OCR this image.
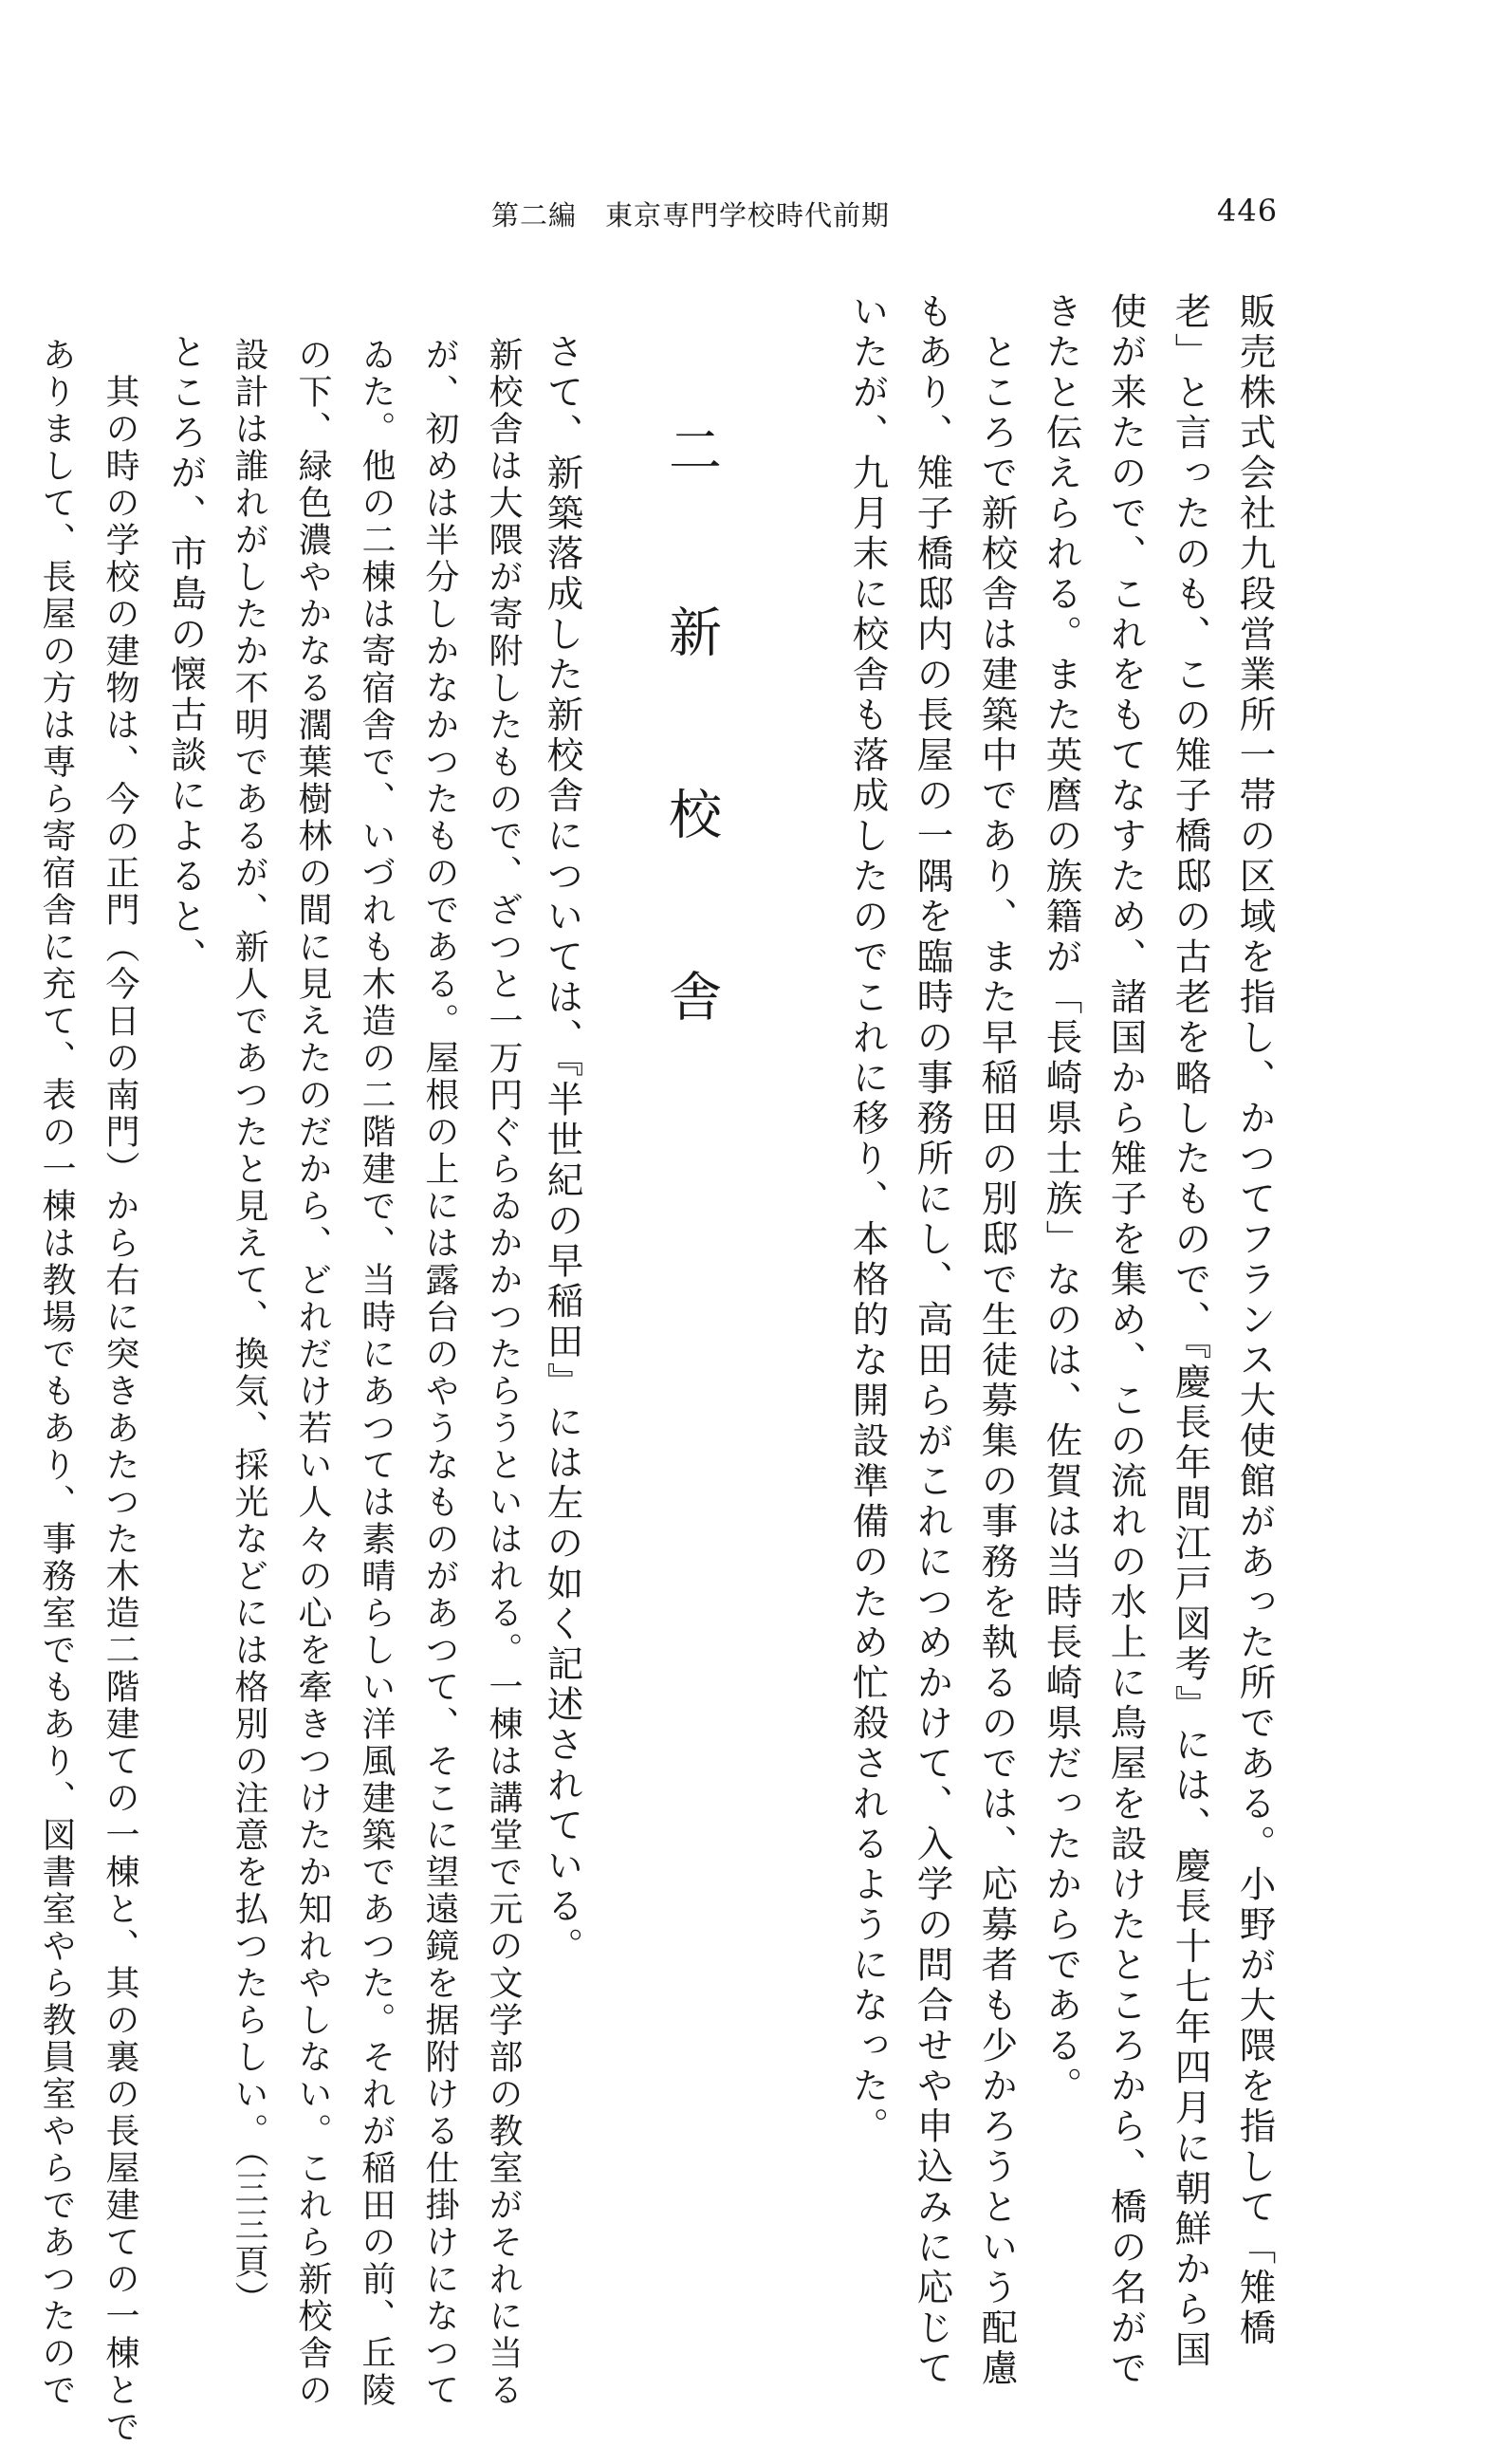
第二編　東京専門学校時代前期	446
販売株式会社九段営業所一帯の区域を指し、かつてフランス大使館があった所である。小野が大隈を指して「雉橋
老」と言ったのも、この雉子橋邸の古老を略したもので、『慶長年間江戸図考』には、慶長十七年四月に朝鮮から国
使が来たので、これをもてなすため、諸国から雉子を集め、この流れの水上に鳥屋を設けたところから、橋の名がで
きたと伝えられる。また英麿の族籍が「長崎県士族」なのは、佐賀は当時長崎県だったからである。
　ところで新校舎は建築中であり、また早稲田の別邸で生徒募集の事務を執るのでは、応募者も少かろうという配慮
もあり、雉子橋邸内の長屋の一隅を臨時の事務所にし、高田らがこれにつめかけて、入学の問合せや申込みに応じて
いたが、九月末に校舎も落成したのでこれに移り、本格的な開設準備のため忙殺されるようになった。
二　新　校　舎
　さて、新築落成した新校舎については、『半世紀の早稲田』には左の如く記述されている。
新校舎は大隈が寄附したもので、ざつと一万円ぐらゐかかつたらうといはれる。一棟は講堂で元の文学部の教室がそれに当る
が、初めは半分しかなかつたものである。屋根の上には露台のやうなものがあつて、そこに望遠鏡を据附ける仕掛けになつて
ゐた。他の二棟は寄宿舎で、いづれも木造の二階建で、当時にあつては素晴らしい洋風建築であつた。それが稲田の前、丘陵
の下、緑色濃やかなる濶葉樹林の間に見えたのだから、どれだけ若い人々の心を牽きつけたか知れやしない。これら新校舎の
設計は誰れがしたか不明であるが、新人であつたと見えて、換気、採光などには格別の注意を払つたらしい。（三三頁）
　ところが、市島の懐古談によると、
　其の時の学校の建物は、今の正門（今日の南門）から右に突きあたつた木造二階建ての一棟と、其の裏の長屋建ての一棟とで
ありまして、長屋の方は専ら寄宿舎に充て、表の一棟は教場でもあり、事務室でもあり、図書室やら教員室やらであつたので
